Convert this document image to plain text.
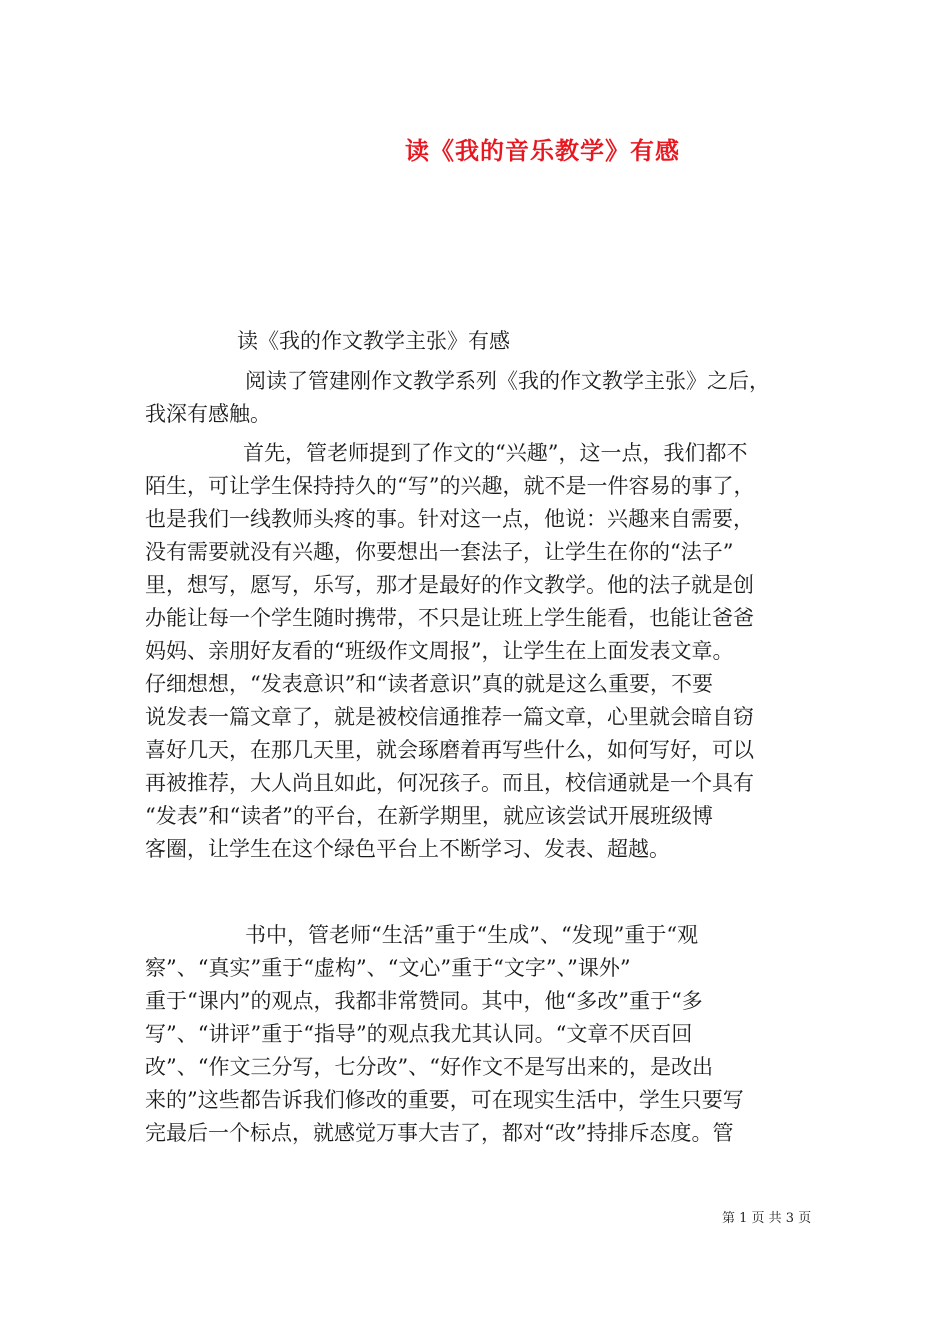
读《我的音乐教学》有感
读《我的作文教学主张》有感
阅读了管建刚作文教学系列《我的作文教学主张》之后，
我深有感触。
首先，管老师提到了作文的“兴趣”，这一点，我们都不
陌生，可让学生保持持久的“写”的兴趣，就不是一件容易的事了，
也是我们一线教师头疼的事。针对这一点，他说：兴趣来自需要，
没有需要就没有兴趣，你要想出一套法子，让学生在你的“法子”
里，想写，愿写，乐写，那才是最好的作文教学。他的法子就是创
办能让每一个学生随时携带，不只是让班上学生能看，也能让爸爸
妈妈、亲朋好友看的“班级作文周报”，让学生在上面发表文章。
仔细想想，“发表意识”和“读者意识”真的就是这么重要，不要
说发表一篇文章了，就是被校信通推荐一篇文章，心里就会暗自窃
喜好几天，在那几天里，就会琢磨着再写些什么，如何写好，可以
再被推荐，大人尚且如此，何况孩子。而且，校信通就是一个具有
“发表”和“读者”的平台，在新学期里，就应该尝试开展班级博
客圈，让学生在这个绿色平台上不断学习、发表、超越。
书中，管老师“生活”重于“生成”、“发现”重于“观
察”、“真实”重于“虚构”、“文心”重于“文字”、”课外”
重于“课内”的观点，我都非常赞同。其中，他“多改”重于“多
写”、“讲评”重于“指导”的观点我尤其认同。“文章不厌百回
改”、“作文三分写，七分改”、“好作文不是写出来的，是改出
来的”这些都告诉我们修改的重要，可在现实生活中，学生只要写
完最后一个标点，就感觉万事大吉了，都对“改”持排斥态度。管
第 1 页 共 3 页
